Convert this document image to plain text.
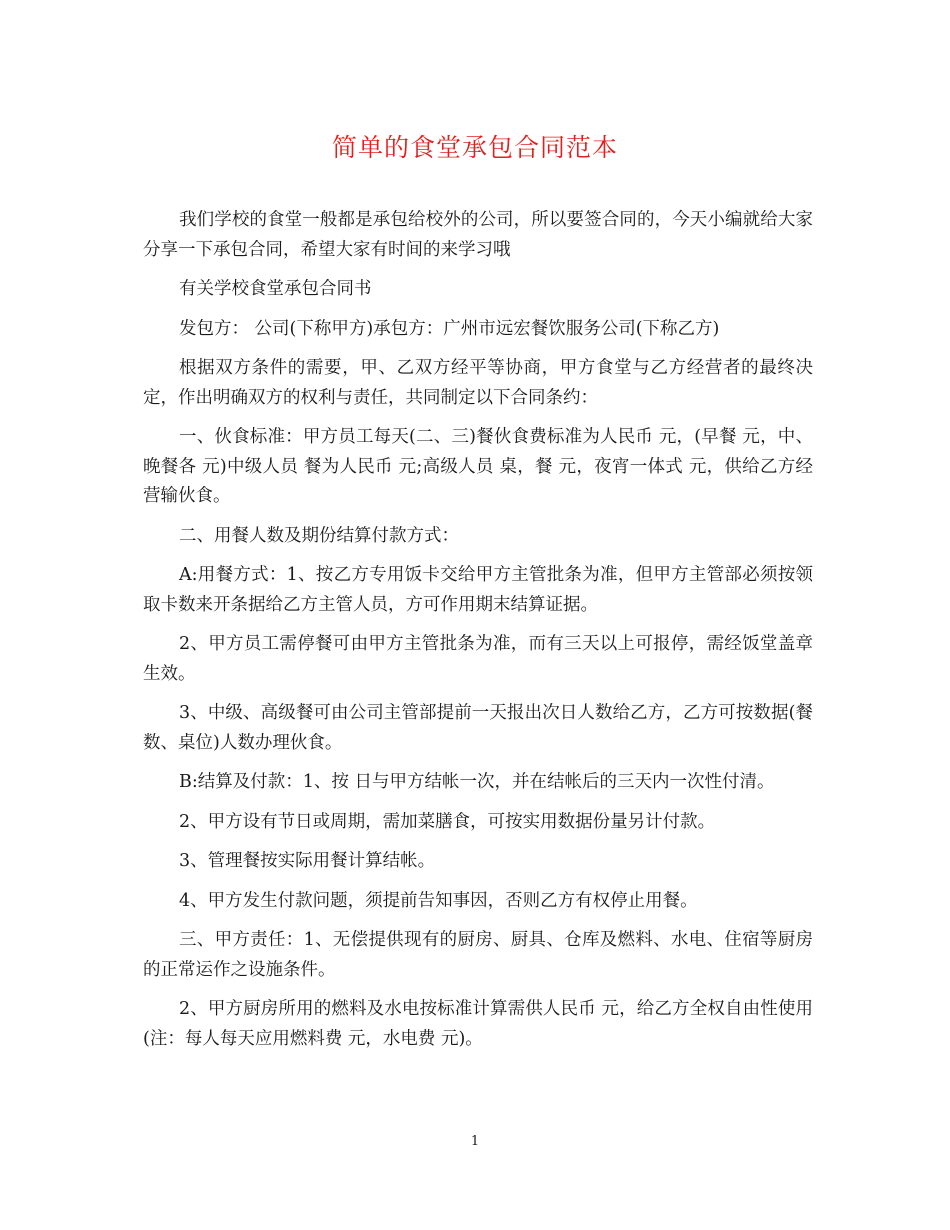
简单的食堂承包合同范本

我们学校的食堂一般都是承包给校外的公司，所以要签合同的，今天小编就给大家分享一下承包合同，希望大家有时间的来学习哦

有关学校食堂承包合同书

发包方： 公司(下称甲方)承包方：广州市远宏餐饮服务公司(下称乙方)

根据双方条件的需要，甲、乙双方经平等协商，甲方食堂与乙方经营者的最终决定，作出明确双方的权利与责任，共同制定以下合同条约：

一、伙食标准：甲方员工每天(二、三)餐伙食费标准为人民币 元，(早餐 元，中、晚餐各 元)中级人员 餐为人民币 元;高级人员 桌，餐 元，夜宵一体式 元，供给乙方经营输伙食。

二、用餐人数及期份结算付款方式：

A:用餐方式：1、按乙方专用饭卡交给甲方主管批条为准，但甲方主管部必须按领取卡数来开条据给乙方主管人员，方可作用期末结算证据。

2、甲方员工需停餐可由甲方主管批条为准，而有三天以上可报停，需经饭堂盖章生效。

3、中级、高级餐可由公司主管部提前一天报出次日人数给乙方，乙方可按数据(餐数、桌位)人数办理伙食。

B:结算及付款：1、按 日与甲方结帐一次，并在结帐后的三天内一次性付清。

2、甲方设有节日或周期，需加菜膳食，可按实用数据份量另计付款。

3、管理餐按实际用餐计算结帐。

4、甲方发生付款问题，须提前告知事因，否则乙方有权停止用餐。

三、甲方责任：1、无偿提供现有的厨房、厨具、仓库及燃料、水电、住宿等厨房的正常运作之设施条件。

2、甲方厨房所用的燃料及水电按标准计算需供人民币 元，给乙方全权自由性使用(注：每人每天应用燃料费 元，水电费 元)。

1
